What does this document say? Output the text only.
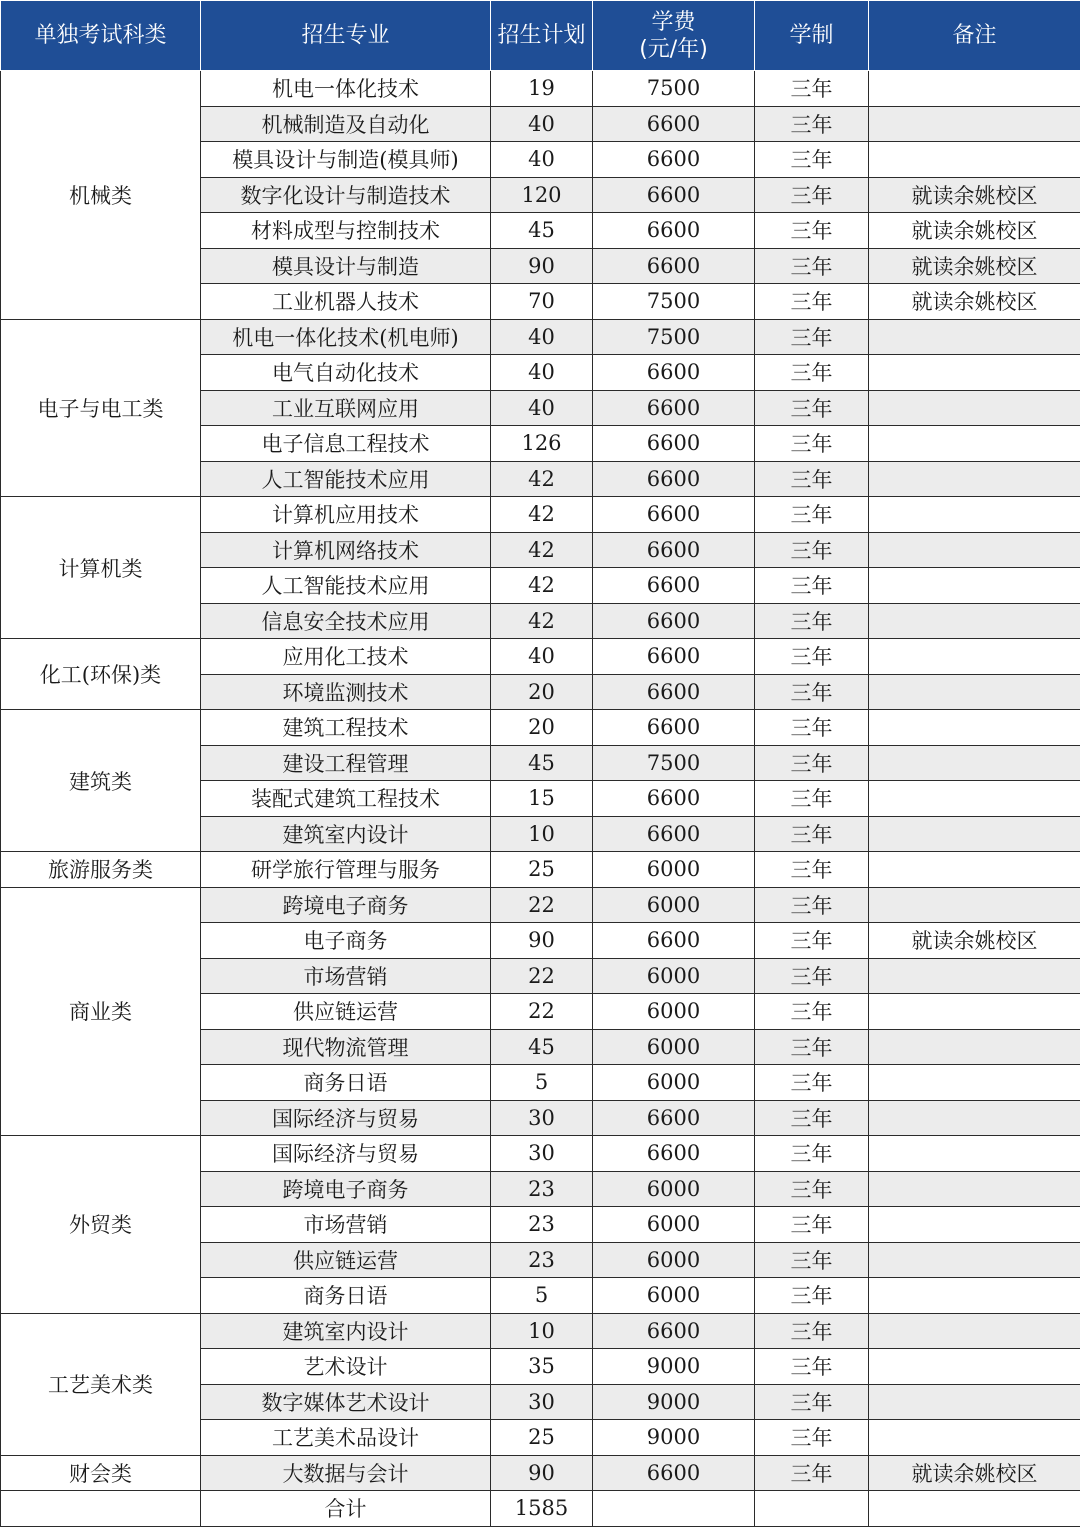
单独考试科类	招生专业	招生计划	学费
(元/年)	学制	备注
机械类	机电一体化技术	19	7500	三年	
	机械制造及自动化	40	6600	三年	
	模具设计与制造(模具师)	40	6600	三年	
	数字化设计与制造技术	120	6600	三年	就读余姚校区
	材料成型与控制技术	45	6600	三年	就读余姚校区
	模具设计与制造	90	6600	三年	就读余姚校区
	工业机器人技术	70	7500	三年	就读余姚校区
电子与电工类	机电一体化技术(机电师)	40	7500	三年	
	电气自动化技术	40	6600	三年	
	工业互联网应用	40	6600	三年	
	电子信息工程技术	126	6600	三年	
	人工智能技术应用	42	6600	三年	
计算机类	计算机应用技术	42	6600	三年	
	计算机网络技术	42	6600	三年	
	人工智能技术应用	42	6600	三年	
	信息安全技术应用	42	6600	三年	
化工(环保)类	应用化工技术	40	6600	三年	
	环境监测技术	20	6600	三年	
建筑类	建筑工程技术	20	6600	三年	
	建设工程管理	45	7500	三年	
	装配式建筑工程技术	15	6600	三年	
	建筑室内设计	10	6600	三年	
旅游服务类	研学旅行管理与服务	25	6000	三年	
商业类	跨境电子商务	22	6000	三年	
	电子商务	90	6600	三年	就读余姚校区
	市场营销	22	6000	三年	
	供应链运营	22	6000	三年	
	现代物流管理	45	6000	三年	
	商务日语	5	6000	三年	
	国际经济与贸易	30	6600	三年	
外贸类	国际经济与贸易	30	6600	三年	
	跨境电子商务	23	6000	三年	
	市场营销	23	6000	三年	
	供应链运营	23	6000	三年	
	商务日语	5	6000	三年	
工艺美术类	建筑室内设计	10	6600	三年	
	艺术设计	35	9000	三年	
	数字媒体艺术设计	30	9000	三年	
	工艺美术品设计	25	9000	三年	
财会类	大数据与会计	90	6600	三年	就读余姚校区
	合计	1585			
